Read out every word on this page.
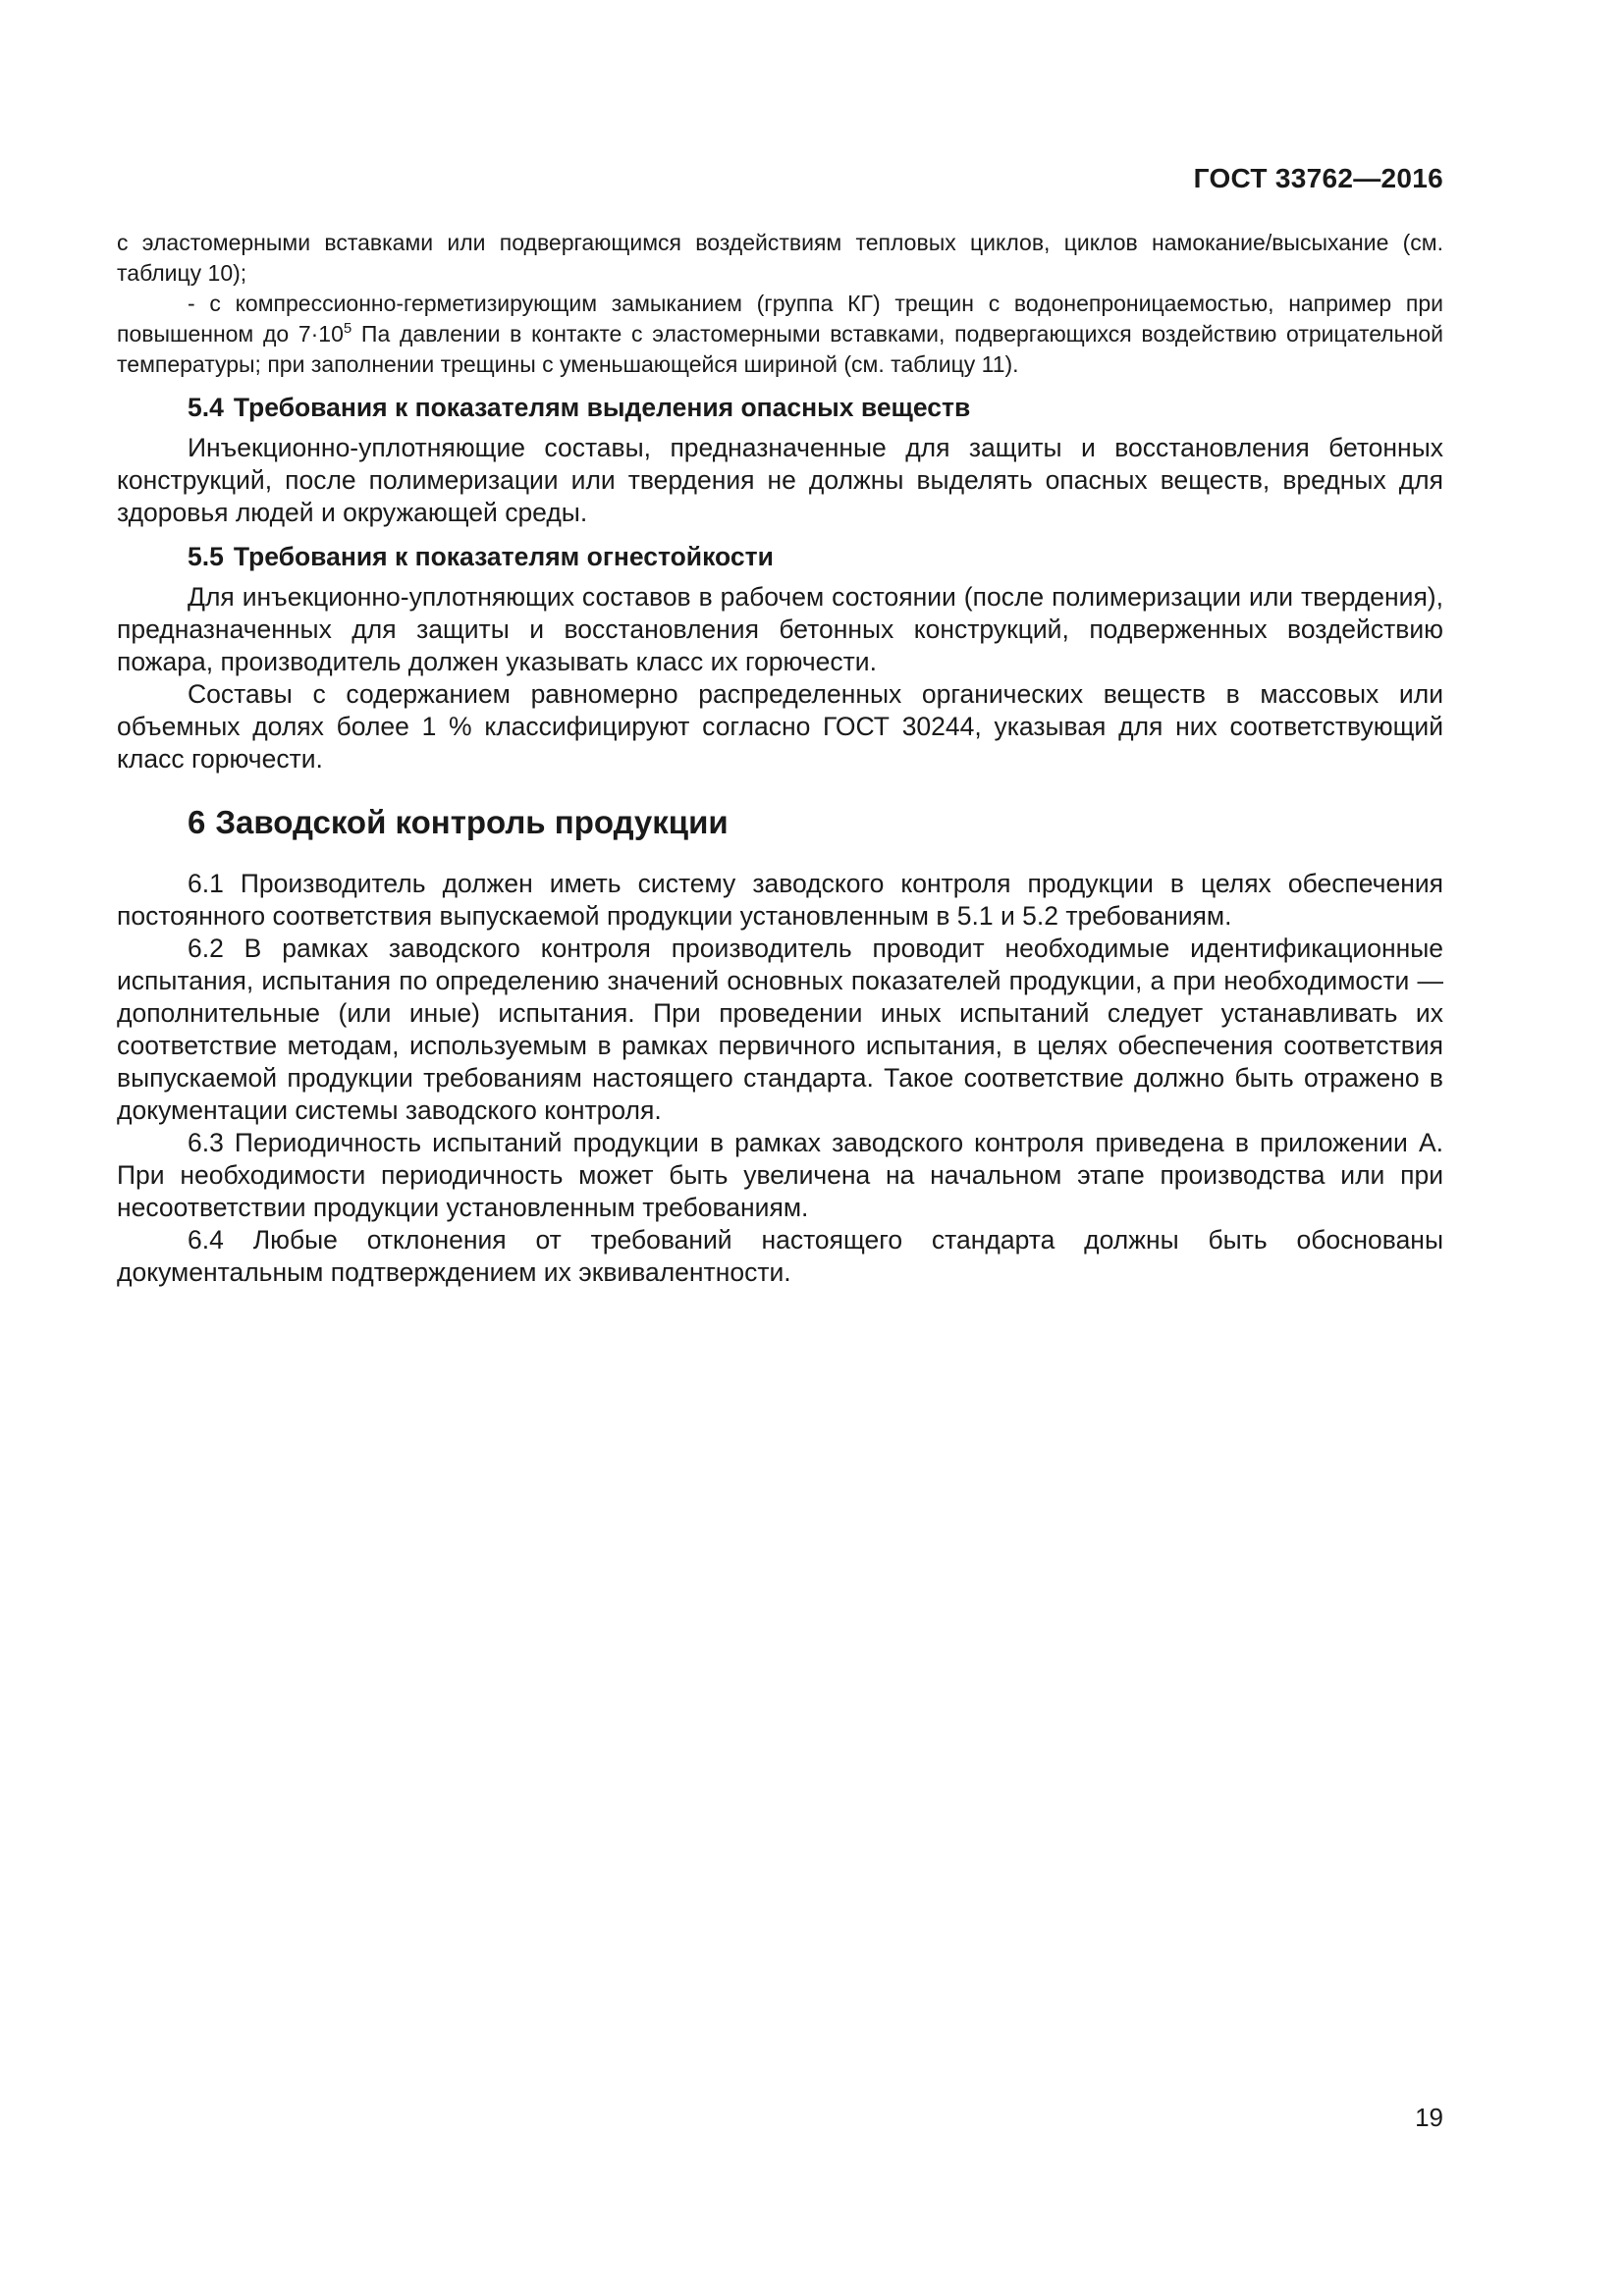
ГОСТ 33762—2016

с эластомерными вставками или подвергающимся воздействиям тепловых циклов, циклов намокание/высыхание (см. таблицу 10);

- с компрессионно-герметизирующим замыканием (группа КГ) трещин с водонепроницаемостью, например при повышенном до $7\cdot 10^5$ Па давлении в контакте с эластомерными вставками, подвергающихся воздействию отрицательной температуры; при заполнении трещины с уменьшающейся шириной (см. таблицу 11).

5.4 Требования к показателям выделения опасных веществ

Инъекционно-уплотняющие составы, предназначенные для защиты и восстановления бетонных конструкций, после полимеризации или твердения не должны выделять опасных веществ, вредных для здоровья людей и окружающей среды.

5.5 Требования к показателям огнестойкости

Для инъекционно-уплотняющих составов в рабочем состоянии (после полимеризации или твердения), предназначенных для защиты и восстановления бетонных конструкций, подверженных воздействию пожара, производитель должен указывать класс их горючести.

Составы с содержанием равномерно распределенных органических веществ в массовых или объемных долях более 1 % классифицируют согласно ГОСТ 30244, указывая для них соответствующий класс горючести.

6 Заводской контроль продукции

6.1 Производитель должен иметь систему заводского контроля продукции в целях обеспечения постоянного соответствия выпускаемой продукции установленным в 5.1 и 5.2 требованиям.

6.2 В рамках заводского контроля производитель проводит необходимые идентификационные испытания, испытания по определению значений основных показателей продукции, а при необходимости — дополнительные (или иные) испытания. При проведении иных испытаний следует устанавливать их соответствие методам, используемым в рамках первичного испытания, в целях обеспечения соответствия выпускаемой продукции требованиям настоящего стандарта. Такое соответствие должно быть отражено в документации системы заводского контроля.

6.3 Периодичность испытаний продукции в рамках заводского контроля приведена в приложении А. При необходимости периодичность может быть увеличена на начальном этапе производства или при несоответствии продукции установленным требованиям.

6.4 Любые отклонения от требований настоящего стандарта должны быть обоснованы документальным подтверждением их эквивалентности.

19
